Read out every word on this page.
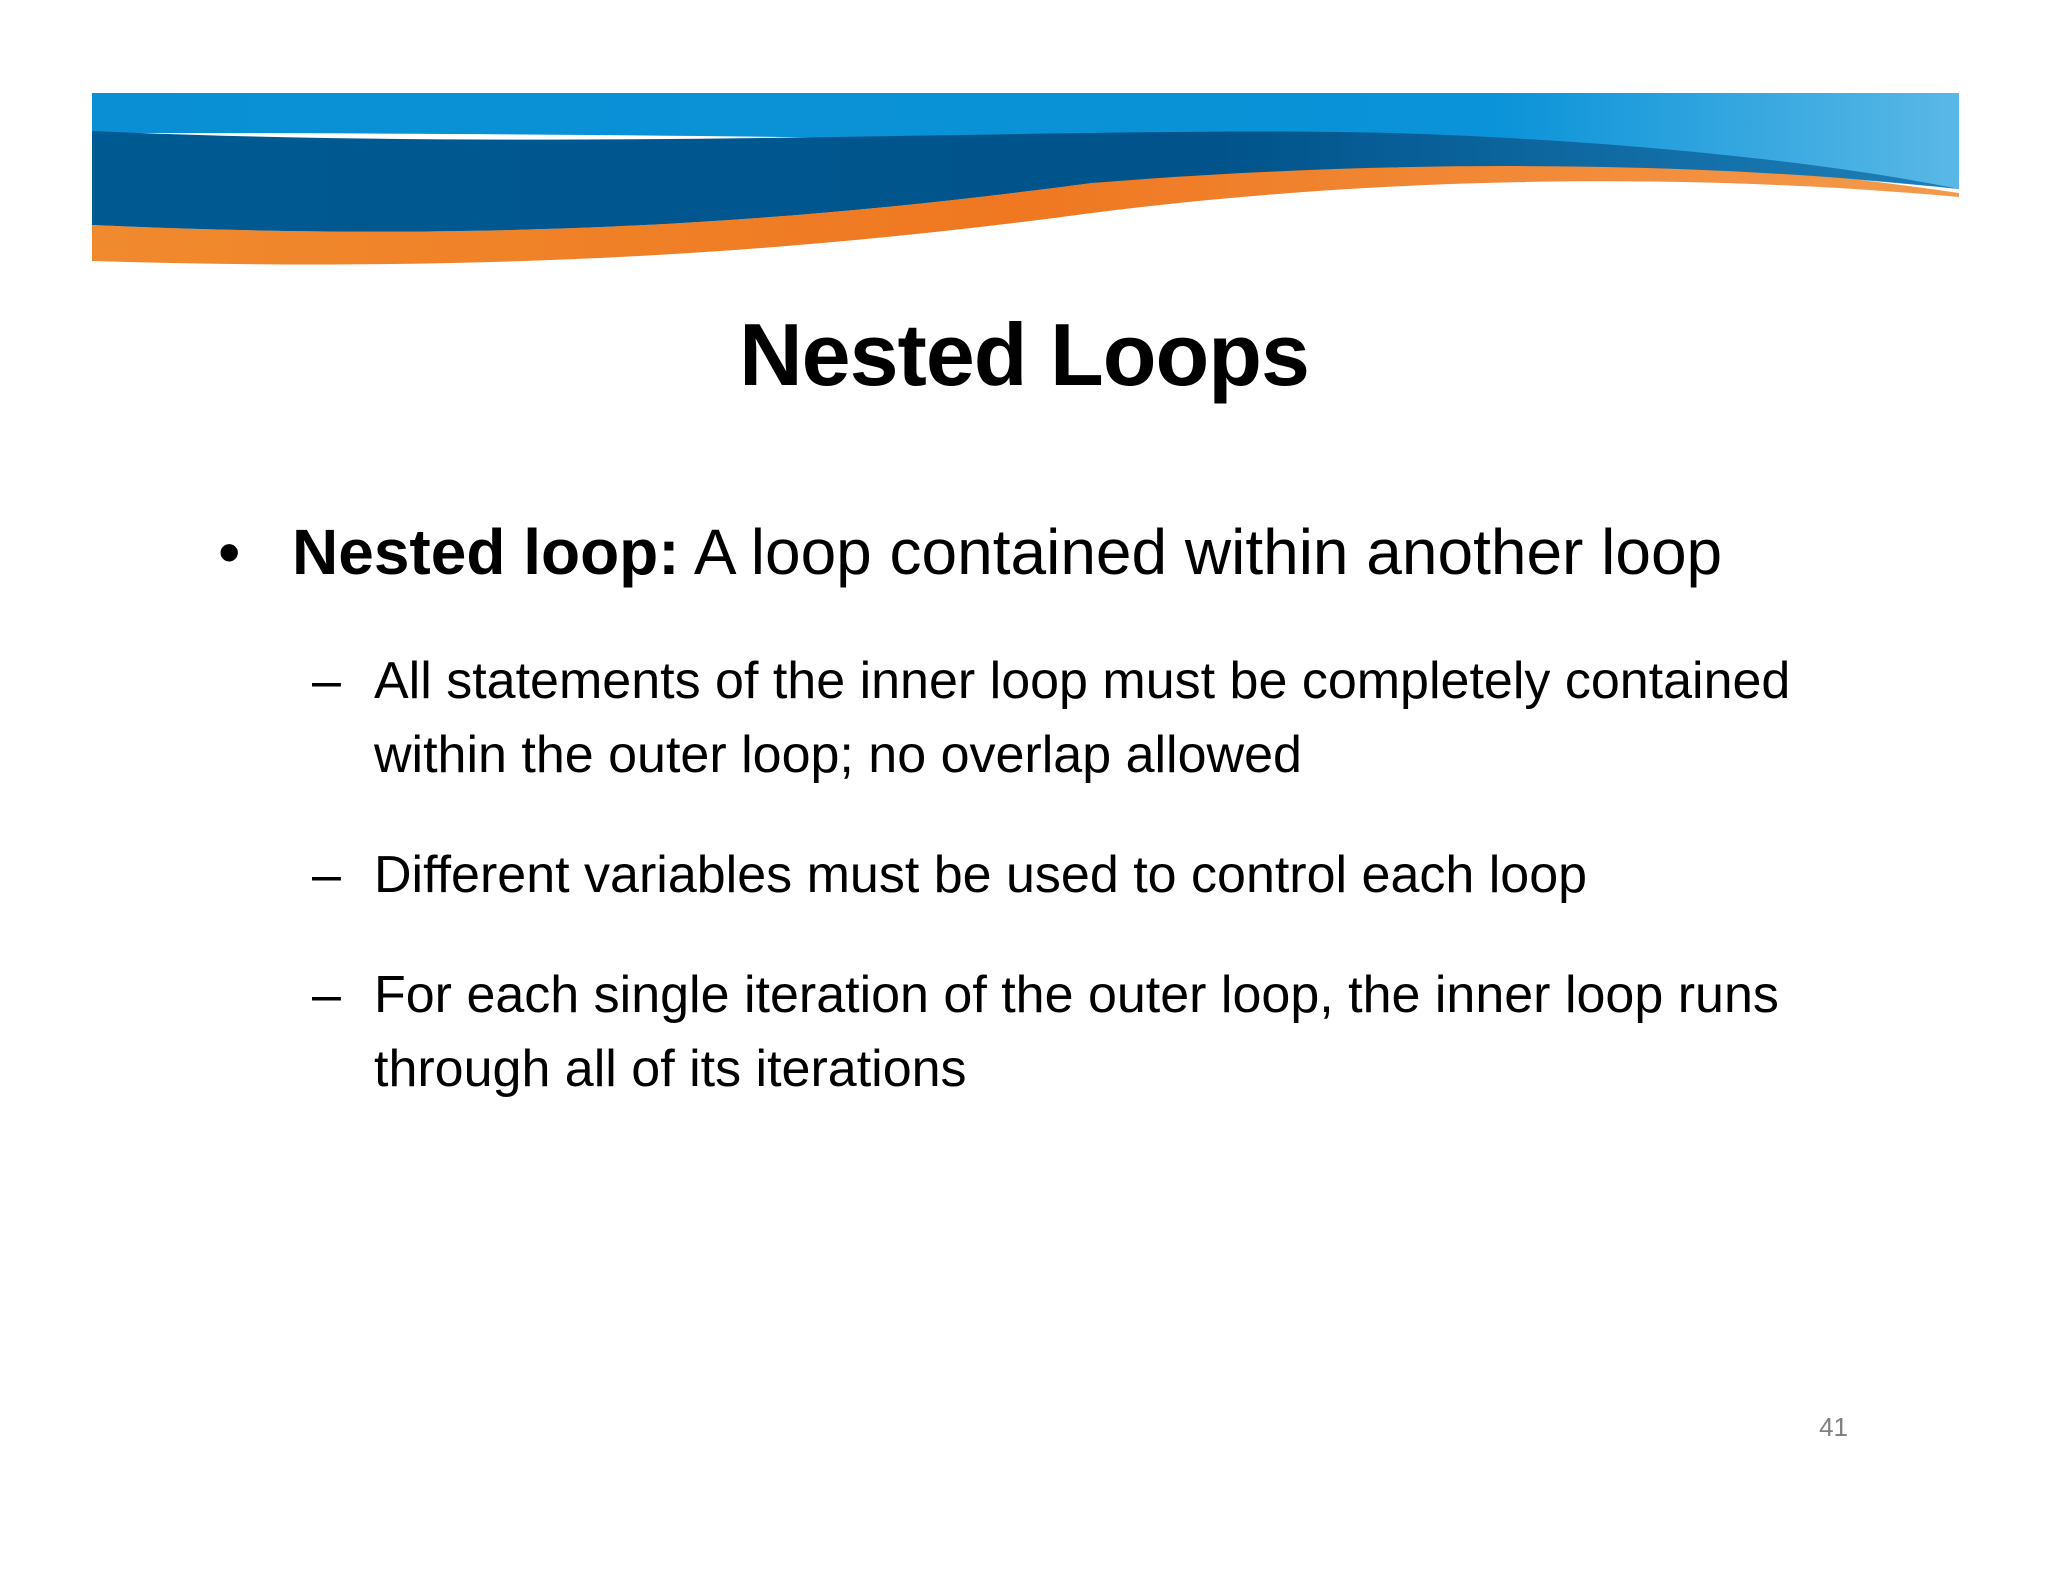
Nested Loops
• Nested loop: A loop contained within another loop
– All statements of the inner loop must be completely contained within the outer loop; no overlap allowed
– Different variables must be used to control each loop
– For each single iteration of the outer loop, the inner loop runs through all of its iterations
41
